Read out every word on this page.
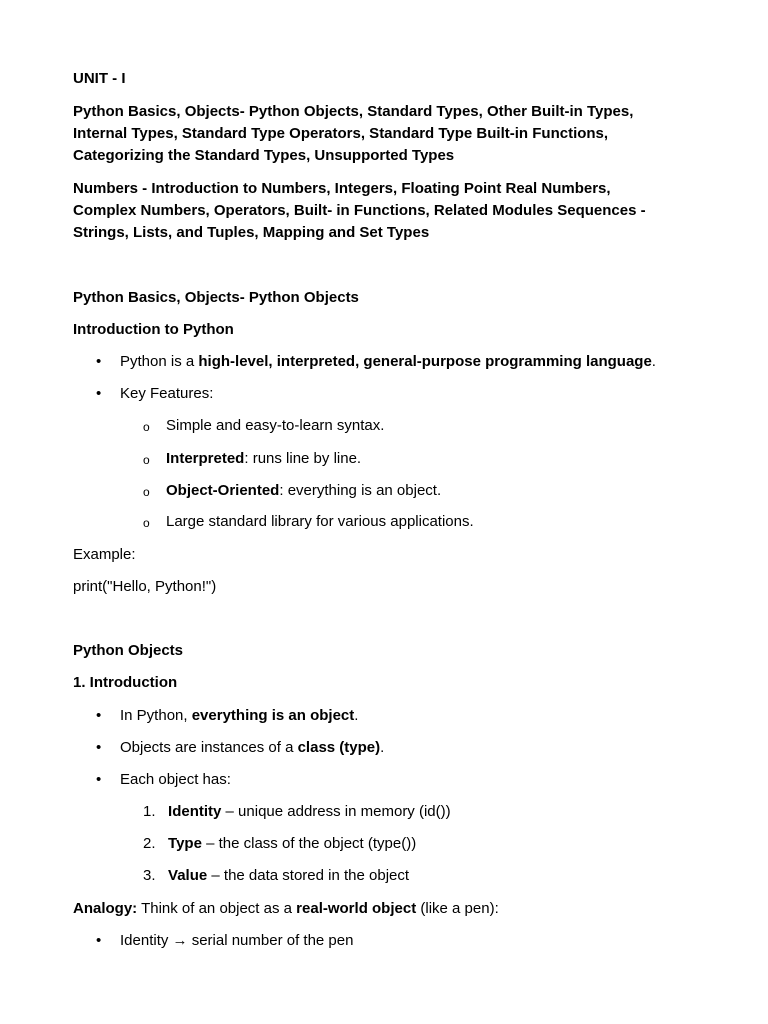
UNIT - I
Python Basics, Objects- Python Objects, Standard Types, Other Built-in Types,
Internal Types, Standard Type Operators, Standard Type Built-in Functions,
Categorizing the Standard Types, Unsupported Types
Numbers - Introduction to Numbers, Integers, Floating Point Real Numbers,
Complex Numbers, Operators, Built- in Functions, Related Modules Sequences -
Strings, Lists, and Tuples, Mapping and Set Types
Python Basics, Objects- Python Objects
Introduction to Python
• Python is a high-level, interpreted, general-purpose programming language.
• Key Features:
o Simple and easy-to-learn syntax.
o Interpreted: runs line by line.
o Object-Oriented: everything is an object.
o Large standard library for various applications.
Example:
print("Hello, Python!")
Python Objects
1. Introduction
• In Python, everything is an object.
• Objects are instances of a class (type).
• Each object has:
1. Identity – unique address in memory (id())
2. Type – the class of the object (type())
3. Value – the data stored in the object
Analogy: Think of an object as a real-world object (like a pen):
• Identity → serial number of the pen
